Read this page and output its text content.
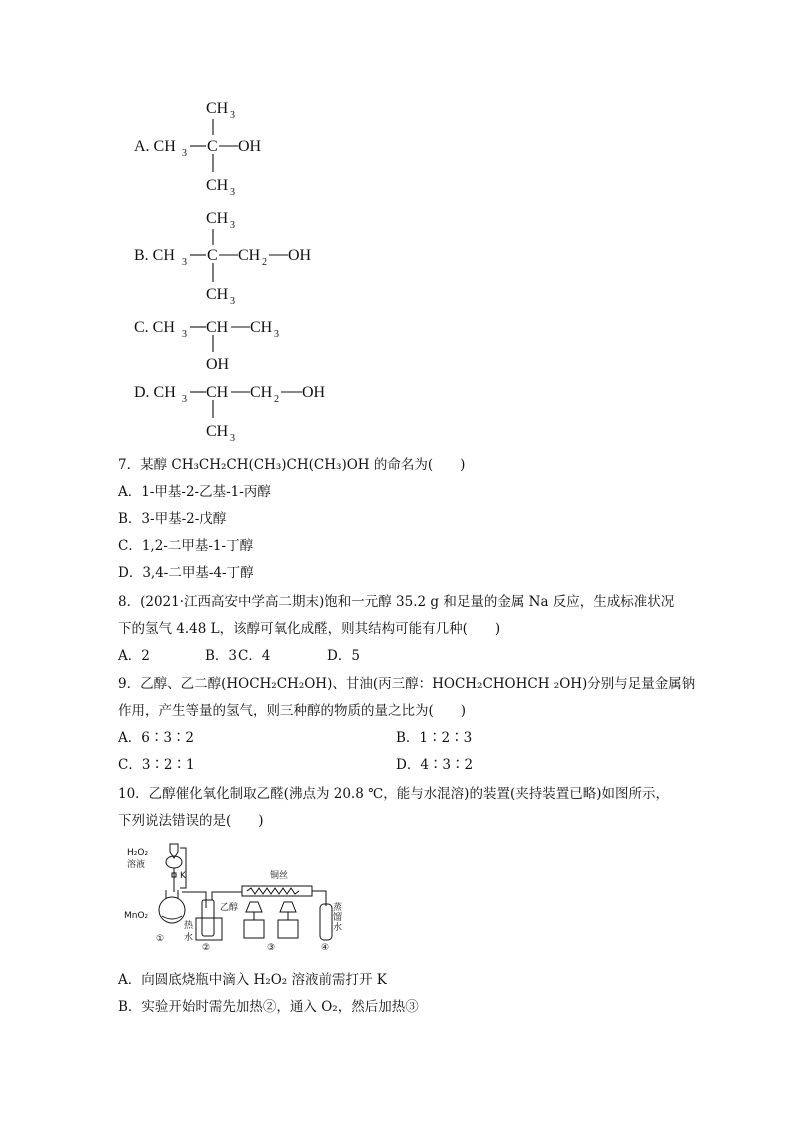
A. CH 3
CH 3
C OH
CH 3
B. CH 3
CH 3
C CH 2 OH
CH 3
C. CH 3 CH CH 3
OH
D. CH 3 CH CH 2 OH
CH 3
7．某醇 CH₃CH₂CH(CH₃)CH(CH₃)OH 的命名为(　　)
A．1-甲基-2-乙基-1-丙醇
B．3-甲基-2-戊醇
C．1,2-二甲基-1-丁醇
D．3,4-二甲基-4-丁醇
8．(2021·江西高安中学高二期末)饱和一元醇 35.2 g 和足量的金属 Na 反应，生成标准状况
下的氢气 4.48 L，该醇可氧化成醛，则其结构可能有几种(　　)
A．2	B．3 C．4	D．5
9．乙醇、乙二醇(HOCH₂CH₂OH)、甘油(丙三醇：HOCH₂CHOHCH ₂OH)分别与足量金属钠
作用，产生等量的氢气，则三种醇的物质的量之比为(　　)
A．6∶3∶2	B．1∶2∶3
C．3∶2∶1	D．4∶3∶2
10．乙醇催化氧化制取乙醛(沸点为 20.8 ℃，能与水混溶)的装置(夹持装置已略)如图所示，
下列说法错误的是(　　)
H₂O₂
溶液
K
MnO₂
①
乙醇
热
水
②
铜丝
③
蒸
馏
水
④
A．向圆底烧瓶中滴入 H₂O₂ 溶液前需打开 K
B．实验开始时需先加热②，通入 O₂，然后加热③
